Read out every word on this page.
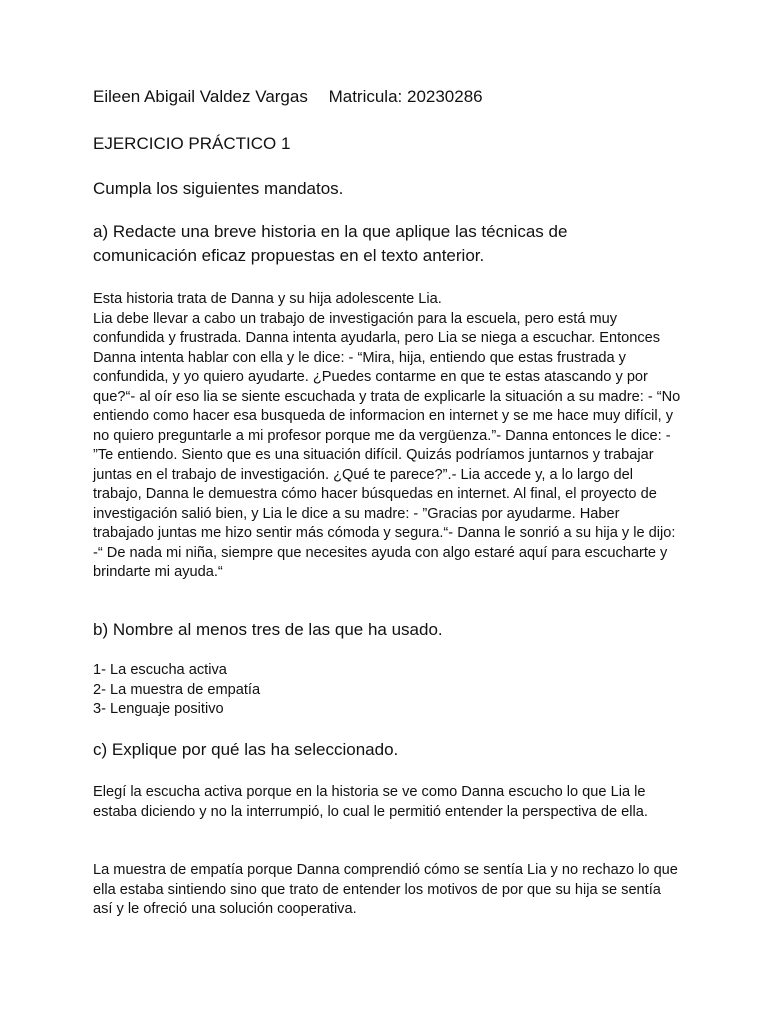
Eileen Abigail Valdez Vargas Matricula: 20230286
EJERCICIO PRÁCTICO 1
Cumpla los siguientes mandatos.
a) Redacte una breve historia en la que aplique las técnicas de comunicación eficaz propuestas en el texto anterior.
Esta historia trata de Danna y su hija adolescente Lia.
Lia debe llevar a cabo un trabajo de investigación para la escuela, pero está muy confundida y frustrada. Danna intenta ayudarla, pero Lia se niega a escuchar. Entonces Danna intenta hablar con ella y le dice: - “Mira, hija, entiendo que estas frustrada y confundida, y yo quiero ayudarte. ¿Puedes contarme en que te estas atascando y por que?“- al oír eso lia se siente escuchada y trata de explicarle la situación a su madre: - “No entiendo como hacer esa busqueda de informacion en internet y se me hace muy difícil, y no quiero preguntarle a mi profesor porque me da vergüenza.”- Danna entonces le dice: - ”Te entiendo. Siento que es una situación difícil. Quizás podríamos juntarnos y trabajar juntas en el trabajo de investigación. ¿Qué te parece?”.- Lia accede y, a lo largo del trabajo, Danna le demuestra cómo hacer búsquedas en internet. Al final, el proyecto de investigación salió bien, y Lia le dice a su madre: - ”Gracias por ayudarme. Haber trabajado juntas me hizo sentir más cómoda y segura.“- Danna le sonrió a su hija y le dijo: -“ De nada mi niña, siempre que necesites ayuda con algo estaré aquí para escucharte y brindarte mi ayuda.“
b) Nombre al menos tres de las que ha usado.
1- La escucha activa
2- La muestra de empatía
3- Lenguaje positivo
c) Explique por qué las ha seleccionado.
Elegí la escucha activa porque en la historia se ve como Danna escucho lo que Lia le estaba diciendo y no la interrumpió, lo cual le permitió entender la perspectiva de ella.
La muestra de empatía porque Danna comprendió cómo se sentía Lia y no rechazo lo que ella estaba sintiendo sino que trato de entender los motivos de por que su hija se sentía así y le ofreció una solución cooperativa.
